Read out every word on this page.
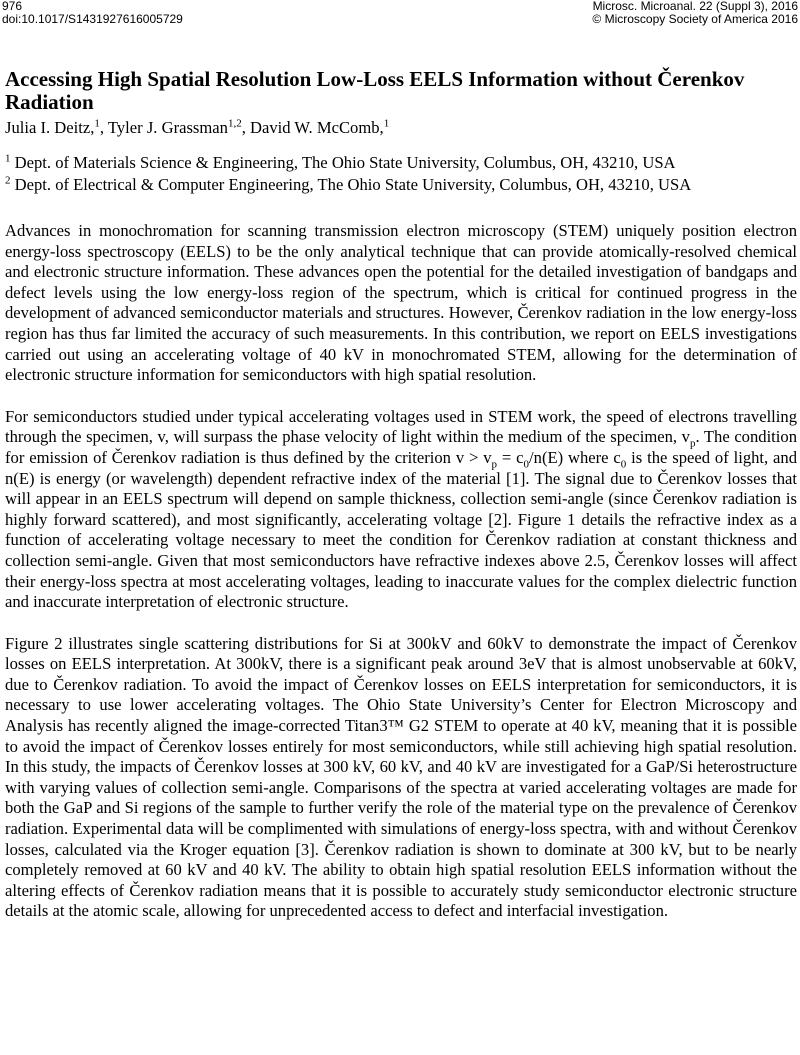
976
doi:10.1017/S1431927616005729
Microsc. Microanal. 22 (Suppl 3), 2016
© Microscopy Society of America 2016
Accessing High Spatial Resolution Low-Loss EELS Information without Čerenkov Radiation

Julia I. Deitz,$^1$, Tyler J. Grassman$^{1,2}$, David W. McComb,$^1$

$^1$ Dept. of Materials Science & Engineering, The Ohio State University, Columbus, OH, 43210, USA
$^2$ Dept. of Electrical & Computer Engineering, The Ohio State University, Columbus, OH, 43210, USA

Advances in monochromation for scanning transmission electron microscopy (STEM) uniquely position electron energy-loss spectroscopy (EELS) to be the only analytical technique that can provide atomically-resolved chemical and electronic structure information. These advances open the potential for the detailed investigation of bandgaps and defect levels using the low energy-loss region of the spectrum, which is critical for continued progress in the development of advanced semiconductor materials and structures. However, Čerenkov radiation in the low energy-loss region has thus far limited the accuracy of such measurements. In this contribution, we report on EELS investigations carried out using an accelerating voltage of 40 kV in monochromated STEM, allowing for the determination of electronic structure information for semiconductors with high spatial resolution.

For semiconductors studied under typical accelerating voltages used in STEM work, the speed of electrons travelling through the specimen, v, will surpass the phase velocity of light within the medium of the specimen, $v_p$. The condition for emission of Čerenkov radiation is thus defined by the criterion $v > v_p = c_0/n(E)$ where $c_0$ is the speed of light, and n(E) is energy (or wavelength) dependent refractive index of the material [1]. The signal due to Čerenkov losses that will appear in an EELS spectrum will depend on sample thickness, collection semi-angle (since Čerenkov radiation is highly forward scattered), and most significantly, accelerating voltage [2]. Figure 1 details the refractive index as a function of accelerating voltage necessary to meet the condition for Čerenkov radiation at constant thickness and collection semi-angle. Given that most semiconductors have refractive indexes above 2.5, Čerenkov losses will affect their energy-loss spectra at most accelerating voltages, leading to inaccurate values for the complex dielectric function and inaccurate interpretation of electronic structure.

Figure 2 illustrates single scattering distributions for Si at 300kV and 60kV to demonstrate the impact of Čerenkov losses on EELS interpretation. At 300kV, there is a significant peak around 3eV that is almost unobservable at 60kV, due to Čerenkov radiation. To avoid the impact of Čerenkov losses on EELS interpretation for semiconductors, it is necessary to use lower accelerating voltages. The Ohio State University’s Center for Electron Microscopy and Analysis has recently aligned the image-corrected Titan3™ G2 STEM to operate at 40 kV, meaning that it is possible to avoid the impact of Čerenkov losses entirely for most semiconductors, while still achieving high spatial resolution. In this study, the impacts of Čerenkov losses at 300 kV, 60 kV, and 40 kV are investigated for a GaP/Si heterostructure with varying values of collection semi-angle. Comparisons of the spectra at varied accelerating voltages are made for both the GaP and Si regions of the sample to further verify the role of the material type on the prevalence of Čerenkov radiation. Experimental data will be complimented with simulations of energy-loss spectra, with and without Čerenkov losses, calculated via the Kroger equation [3]. Čerenkov radiation is shown to dominate at 300 kV, but to be nearly completely removed at 60 kV and 40 kV. The ability to obtain high spatial resolution EELS information without the altering effects of Čerenkov radiation means that it is possible to accurately study semiconductor electronic structure details at the atomic scale, allowing for unprecedented access to defect and interfacial investigation.
